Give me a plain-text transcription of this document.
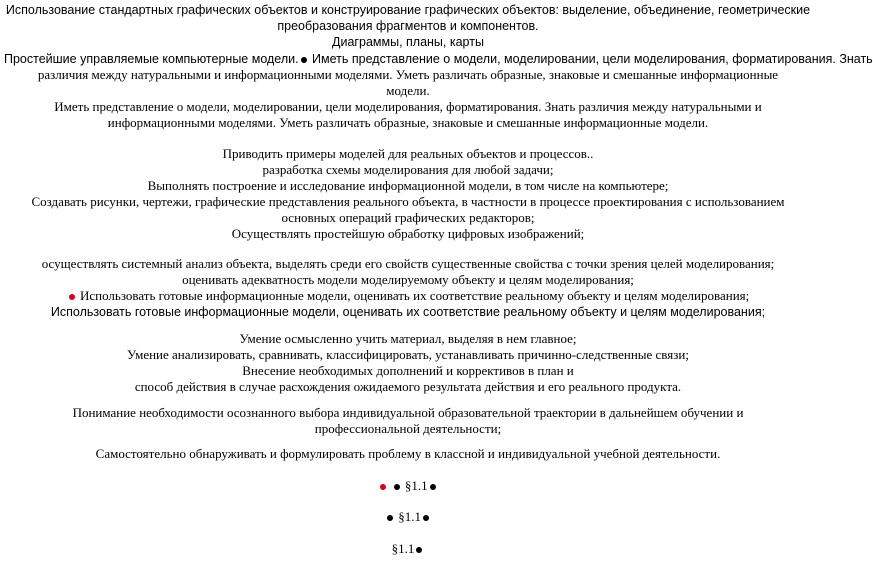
Использование стандартных графических объектов и конструирование графических объектов: выделение, объединение, геометрические
преобразования фрагментов и компонентов.
Диаграммы, планы, карты
Простейшие управляемые компьютерные модели. Иметь представление о модели, моделировании, цели моделирования, форматирования. Знать
различия между натуральными и информационными моделями. Уметь различать образные, знаковые и смешанные информационные
модели.
Иметь представление о модели, моделировании, цели моделирования, форматирования. Знать различия между натуральными и
информационными моделями. Уметь различать образные, знаковые и смешанные информационные модели.
Приводить примеры моделей для реальных объектов и процессов..
разработка схемы моделирования для любой задачи;
Выполнять построение и исследование информационной модели, в том числе на компьютере;
Создавать рисунки, чертежи, графические представления реального объекта, в частности в процессе проектирования с использованием
основных операций графических редакторов;
Осуществлять простейшую обработку цифровых изображений;
осуществлять системный анализ объекта, выделять среди его свойств существенные свойства с точки зрения целей моделирования;
оценивать адекватность модели моделируемому объекту и целям моделирования;
Использовать готовые информационные модели, оценивать их соответствие реальному объекту и целям моделирования;
Использовать готовые информационные модели, оценивать их соответствие реальному объекту и целям моделирования;
Умение осмысленно учить материал, выделяя в нем главное;
Умение анализировать, сравнивать, классифицировать, устанавливать причинно-следственные связи;
Внесение необходимых дополнений и коррективов в план и
способ действия в случае расхождения ожидаемого результата действия и его реального продукта.
Понимание необходимости осознанного выбора индивидуальной образовательной траектории в дальнейшем обучении и
профессиональной деятельности;
Самостоятельно обнаруживать и формулировать проблему в классной и индивидуальной учебной деятельности.
§1.1
§1.1
§1.1
